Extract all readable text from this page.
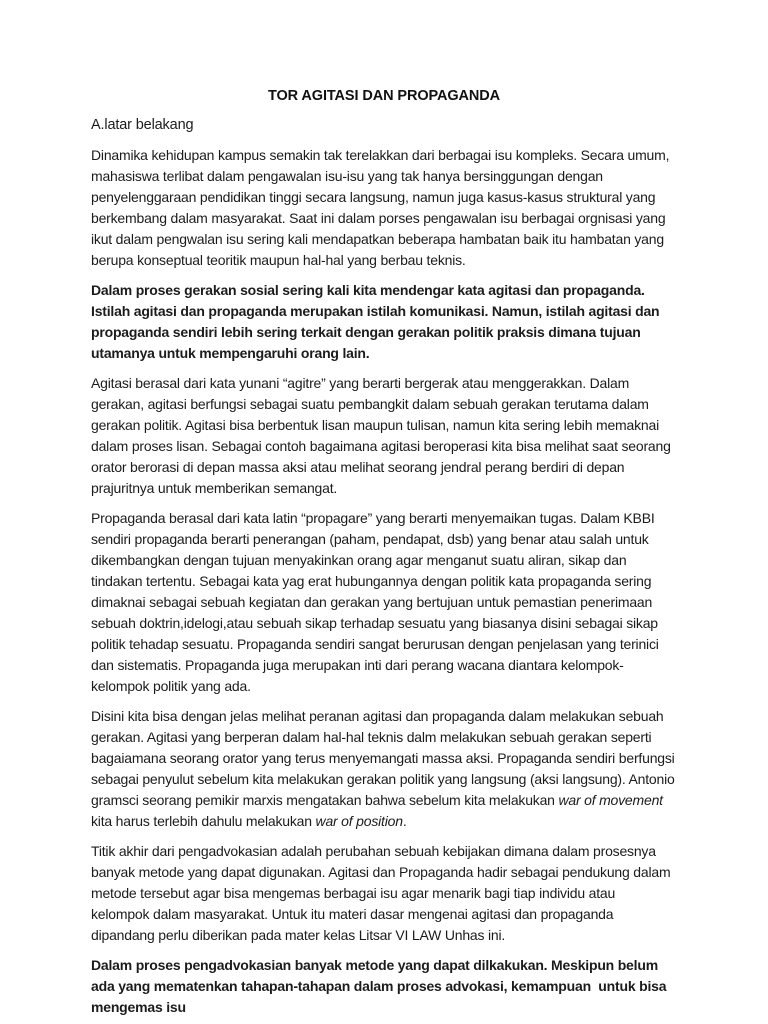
TOR AGITASI DAN PROPAGANDA
A.latar belakang

Dinamika kehidupan kampus semakin tak terelakkan dari berbagai isu kompleks. Secara umum, mahasiswa terlibat dalam pengawalan isu-isu yang tak hanya bersinggungan dengan penyelenggaraan pendidikan tinggi secara langsung, namun juga kasus-kasus struktural yang berkembang dalam masyarakat. Saat ini dalam porses pengawalan isu berbagai orgnisasi yang ikut dalam pengwalan isu sering kali mendapatkan beberapa hambatan baik itu hambatan yang berupa konseptual teoritik maupun hal-hal yang berbau teknis.

Dalam proses gerakan sosial sering kali kita mendengar kata agitasi dan propaganda. Istilah agitasi dan propaganda merupakan istilah komunikasi. Namun, istilah agitasi dan propaganda sendiri lebih sering terkait dengan gerakan politik praksis dimana tujuan utamanya untuk mempengaruhi orang lain.

Agitasi berasal dari kata yunani “agitre” yang berarti bergerak atau menggerakkan. Dalam gerakan, agitasi berfungsi sebagai suatu pembangkit dalam sebuah gerakan terutama dalam gerakan politik. Agitasi bisa berbentuk lisan maupun tulisan, namun kita sering lebih memaknai dalam proses lisan. Sebagai contoh bagaimana agitasi beroperasi kita bisa melihat saat seorang orator berorasi di depan massa aksi atau melihat seorang jendral perang berdiri di depan prajuritnya untuk memberikan semangat.

Propaganda berasal dari kata latin “propagare” yang berarti menyemaikan tugas. Dalam KBBI sendiri propaganda berarti penerangan (paham, pendapat, dsb) yang benar atau salah untuk dikembangkan dengan tujuan menyakinkan orang agar menganut suatu aliran, sikap dan tindakan tertentu. Sebagai kata yag erat hubungannya dengan politik kata propaganda sering dimaknai sebagai sebuah kegiatan dan gerakan yang bertujuan untuk pemastian penerimaan sebuah doktrin,idelogi,atau sebuah sikap terhadap sesuatu yang biasanya disini sebagai sikap politik tehadap sesuatu. Propaganda sendiri sangat berurusan dengan penjelasan yang terinici dan sistematis. Propaganda juga merupakan inti dari perang wacana diantara kelompok-kelompok politik yang ada.

Disini kita bisa dengan jelas melihat peranan agitasi dan propaganda dalam melakukan sebuah gerakan. Agitasi yang berperan dalam hal-hal teknis dalm melakukan sebuah gerakan seperti bagaiamana seorang orator yang terus menyemangati massa aksi. Propaganda sendiri berfungsi sebagai penyulut sebelum kita melakukan gerakan politik yang langsung (aksi langsung). Antonio gramsci seorang pemikir marxis mengatakan bahwa sebelum kita melakukan war of movement kita harus terlebih dahulu melakukan war of position.

Titik akhir dari pengadvokasian adalah perubahan sebuah kebijakan dimana dalam prosesnya banyak metode yang dapat digunakan. Agitasi dan Propaganda hadir sebagai pendukung dalam metode tersebut agar bisa mengemas berbagai isu agar menarik bagi tiap individu atau kelompok dalam masyarakat. Untuk itu materi dasar mengenai agitasi dan propaganda dipandang perlu diberikan pada mater kelas Litsar VI LAW Unhas ini.

Dalam proses pengadvokasian banyak metode yang dapat dilkakukan. Meskipun belum ada yang mematenkan tahapan-tahapan dalam proses advokasi, kemampuan  untuk bisa mengemas isu
